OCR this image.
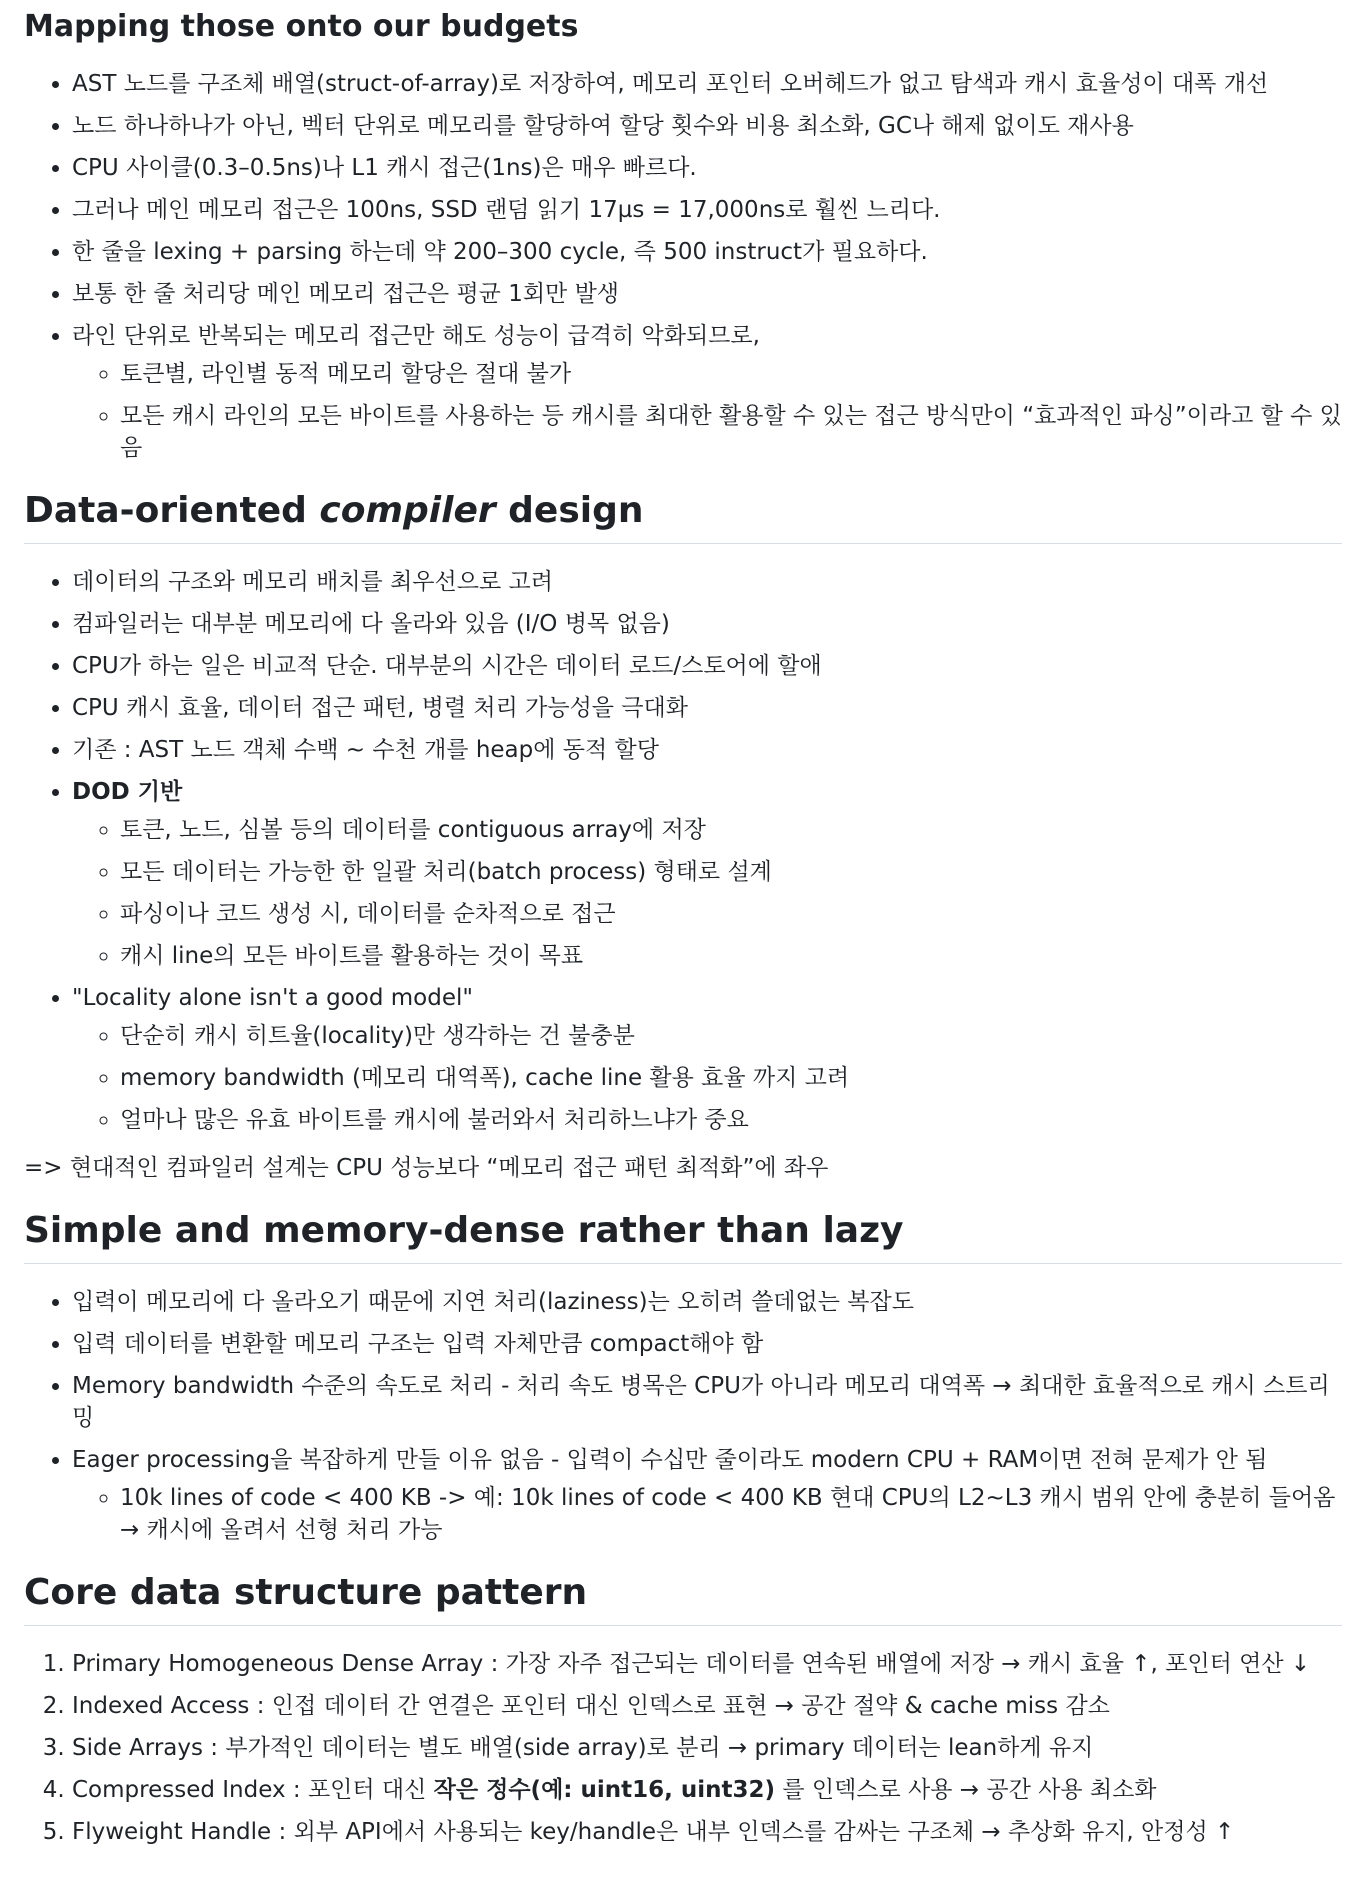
Mapping those onto our budgets
• AST 노드를 구조체 배열(struct-of-array)로 저장하여, 메모리 포인터 오버헤드가 없고 탐색과 캐시 효율성이 대폭 개선
• 노드 하나하나가 아닌, 벡터 단위로 메모리를 할당하여 할당 횟수와 비용 최소화, GC나 해제 없이도 재사용
• CPU 사이클(0.3–0.5ns)나 L1 캐시 접근(1ns)은 매우 빠르다.
• 그러나 메인 메모리 접근은 100ns, SSD 랜덤 읽기 17µs = 17,000ns로 훨씬 느리다.
• 한 줄을 lexing + parsing 하는데 약 200–300 cycle, 즉 500 instruct가 필요하다.
• 보통 한 줄 처리당 메인 메모리 접근은 평균 1회만 발생
• 라인 단위로 반복되는 메모리 접근만 해도 성능이 급격히 악화되므로,
◦ 토큰별, 라인별 동적 메모리 할당은 절대 불가
◦ 모든 캐시 라인의 모든 바이트를 사용하는 등 캐시를 최대한 활용할 수 있는 접근 방식만이 “효과적인 파싱”이라고 할 수 있음
Data-oriented compiler design
• 데이터의 구조와 메모리 배치를 최우선으로 고려
• 컴파일러는 대부분 메모리에 다 올라와 있음 (I/O 병목 없음)
• CPU가 하는 일은 비교적 단순. 대부분의 시간은 데이터 로드/스토어에 할애
• CPU 캐시 효율, 데이터 접근 패턴, 병렬 처리 가능성을 극대화
• 기존 : AST 노드 객체 수백 ~ 수천 개를 heap에 동적 할당
• DOD 기반
◦ 토큰, 노드, 심볼 등의 데이터를 contiguous array에 저장
◦ 모든 데이터는 가능한 한 일괄 처리(batch process) 형태로 설계
◦ 파싱이나 코드 생성 시, 데이터를 순차적으로 접근
◦ 캐시 line의 모든 바이트를 활용하는 것이 목표
• "Locality alone isn't a good model"
◦ 단순히 캐시 히트율(locality)만 생각하는 건 불충분
◦ memory bandwidth (메모리 대역폭), cache line 활용 효율 까지 고려
◦ 얼마나 많은 유효 바이트를 캐시에 불러와서 처리하느냐가 중요

=> 현대적인 컴파일러 설계는 CPU 성능보다 “메모리 접근 패턴 최적화”에 좌우

Simple and memory-dense rather than lazy
• 입력이 메모리에 다 올라오기 때문에 지연 처리(laziness)는 오히려 쓸데없는 복잡도
• 입력 데이터를 변환할 메모리 구조는 입력 자체만큼 compact해야 함
• Memory bandwidth 수준의 속도로 처리 - 처리 속도 병목은 CPU가 아니라 메모리 대역폭 → 최대한 효율적으로 캐시 스트리밍
• Eager processing을 복잡하게 만들 이유 없음 - 입력이 수십만 줄이라도 modern CPU + RAM이면 전혀 문제가 안 됨
◦ 10k lines of code < 400 KB -> 예: 10k lines of code < 400 KB 현대 CPU의 L2~L3 캐시 범위 안에 충분히 들어옴 → 캐시에 올려서 선형 처리 가능
Core data structure pattern
1. Primary Homogeneous Dense Array : 가장 자주 접근되는 데이터를 연속된 배열에 저장 → 캐시 효율 ↑, 포인터 연산 ↓
2. Indexed Access : 인접 데이터 간 연결은 포인터 대신 인덱스로 표현 → 공간 절약 & cache miss 감소
3. Side Arrays : 부가적인 데이터는 별도 배열(side array)로 분리 → primary 데이터는 lean하게 유지
4. Compressed Index : 포인터 대신 작은 정수(예: uint16, uint32) 를 인덱스로 사용 → 공간 사용 최소화
5. Flyweight Handle : 외부 API에서 사용되는 key/handle은 내부 인덱스를 감싸는 구조체 → 추상화 유지, 안정성 ↑
